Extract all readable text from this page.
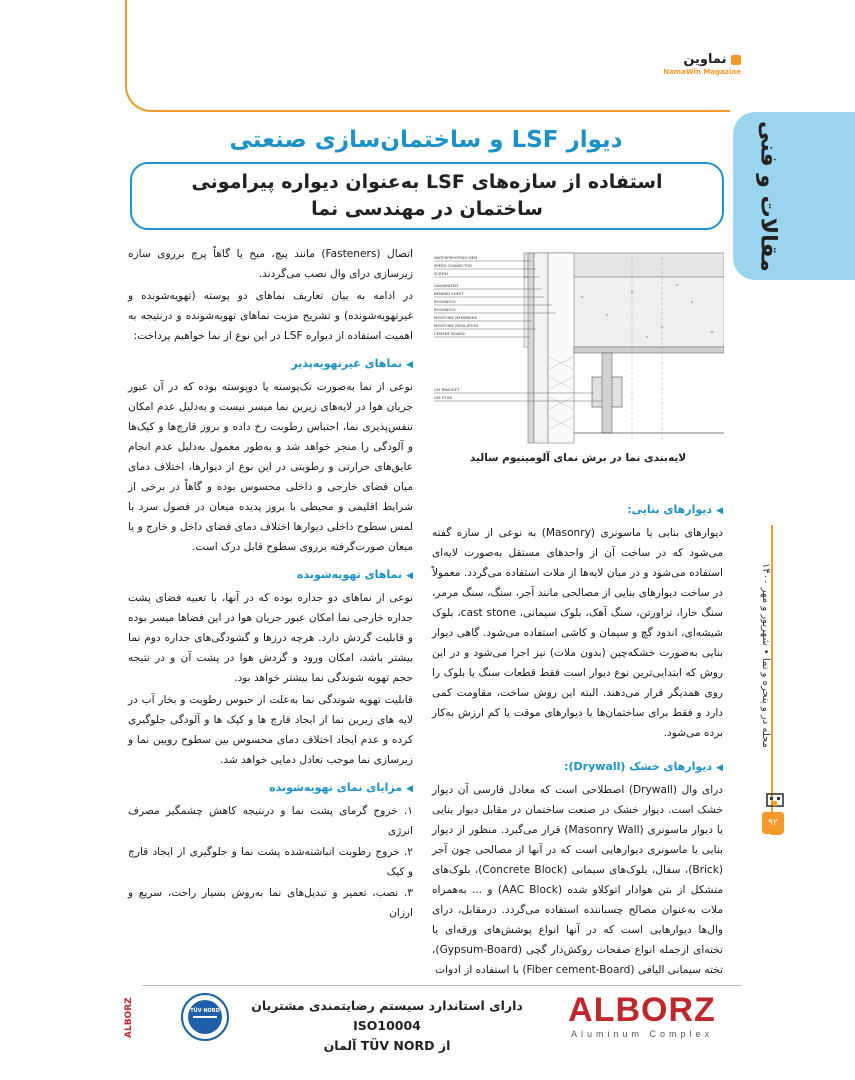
نماوین
NamaWin Magazine
مقالات و فنی
مجله در و پنجره و نما • شهریور و مهر ۱۴۰۰
۹۲
دیوار LSF و ساختمان‌سازی صنعتی
استفاده از سازه‌های LSF به‌عنوان دیواره پیرامونی ساختمان در مهندسی نما
WATERPROOFING MEM.
SPEED CONNECTOR
SCREW
GALVANIZED
BENDED SHEET
ROCKWOOL
ROCKWOOL
MOISTURE MEMBRANE
MOISTURE INSULATION
CEMENT BOARD
LSF BRACKET
LSF STUD
لایه‌بندی نما در برش نمای آلومینیوم سالید

اتصال (Fasteners) مانند پیچ، میخ یا گاهاً پرچ برروی سازه زیرسازی درای وال نصب می‌گردند.

در ادامه به بیان تعاریف نماهای دو پوسته (تهویه‌شونده و غیرتهویه‌شونده) و تشریح مزیت نماهای تهویه‌شونده و درنتیجه به اهمیت استفاده از دیواره LSF در این نوع از نما خواهیم پرداخت:

◀نماهای غیرتهویه‌پذیر

نوعی از نما به‌صورت تک‌پوسته یا دوپوسته بوده که در آن عبور جریان هوا در لایه‌های زیرین نما میسر نیست و به‌دلیل عدم امکان تنفس‌پذیری نما، احتباس رطوبت رخ داده و بروز قارچ‌ها و کپک‌ها و آلودگی را منجر خواهد شد و به‌طور معمول به‌دلیل عدم انجام عایق‌های حرارتی و رطوبتی در این نوع از دیوارها، اختلاف دمای میان فضای خارجی و داخلی محسوس بوده و گاهاً در برخی از شرایط اقلیمی و محیطی با بروز پدیده میعان در فصول سرد با لمس سطوح داخلی دیوارها اختلاف دمای فضای داخل و خارج و یا میعان صورت‌گرفته برروی سطوح قابل درک است.

◀نماهای تهویه‌شونده

نوعی از نماهای دو جداره بوده که در آنها، با تعبیه فضای پشت جداره خارجی نما امکان عبور جریان هوا در این فضاها میسر بوده و قابلیت گردش دارد. هرچه درزها و گشودگی‌های جداره دوم نما بیشتر باشد، امکان ورود و گردش هوا در پشت آن و در نتیجه حجم تهویه شوندگی نما بیشتر خواهد بود.

قابلیت تهویه شوندگی نما به‌علت از حبوس رطوبت و بخار آب در لایه های زیرین نما از ایجاد قارچ ها و کپک ها و آلودگی جلوگیری کرده و عدم ایجاد اختلاف دمای محسوس بین سطوح رویین نما و زیرسازی نما موجب تعادل دمایی خواهد شد.

◀مزایای نمای تهویه‌شونده

۱. خروج گرمای پشت نما و درنتیجه کاهش چشمگیر مصرف انرژی

۲. خروج رطوبت انباشته‌شده پشت نما و جلوگیری از ایجاد قارچ و کپک

۳. نصب، تعمیر و تبدیل‌های نما به‌روش بسیار راحت، سریع و ارزان

◀دیوارهای بنایی:

دیوارهای بنایی یا ماسونری (Masonry) به نوعی از سازه گفته می‌شود که در ساخت آن از واحدهای مستقل به‌صورت لایه‌ای استفاده می‌شود و در میان لایه‌ها از ملات استفاده می‌گردد. معمولاً در ساخت دیوارهای بنایی از مصالحی مانند آجر، سنگ، سنگ مرمر، سنگ خارا، تراورتن، سنگ آهک، بلوک سیمانی، cast stone، بلوک شیشه‌ای، اندود گچ و سیمان و کاشی استفاده می‌شود. گاهی دیوار بنایی به‌صورت خشکه‌چین (بدون ملات) نیز اجرا می‌شود و در این روش که ابتدایی‌ترین نوع دیوار است فقط قطعات سنگ یا بلوک را روی همدیگر قرار می‌دهند. البته این روش ساخت، مقاومت کمی دارد و فقط برای ساختمان‌ها یا دیوارهای موقت یا کم ارزش به‌کار برده می‌شود.

◀دیوارهای خشک (Drywall):

درای وال (Drywall) اصطلاحی است که معادل فارسی آن دیوار خشک است. دیوار خشک در صنعت ساختمان در مقابل دیوار بنایی یا دیوار ماسونری (Masonry Wall) قرار می‌گیرد. منظور از دیوار بنایی یا ماسونری دیوارهایی است که در آنها از مصالحی چون آجر (Brick)، سفال، بلوک‌های سیمانی (Concrete Block)، بلوک‌های متشکل از بتن هوادار اتوکلاو شده (AAC Block) و ... به‌همراه ملات به‌عنوان مصالح چسباننده استفاده می‌گردد. درمقابل، درای وال‌ها دیوارهایی است که در آنها انواع پوشش‌های ورقه‌ای یا تخته‌ای ازجمله انواع صفحات روکش‌دار گچی (Gypsum-Board)، تخته سیمانی الیافی (Fiber cement-Board) با استفاده از ادوات

ALBORZ	TÜV NORD	دارای استاندارد سیستم رضایتمندی مشتریان ISO10004
از TÜV NORD آلمان
ALBORZ
Aluminum Complex
